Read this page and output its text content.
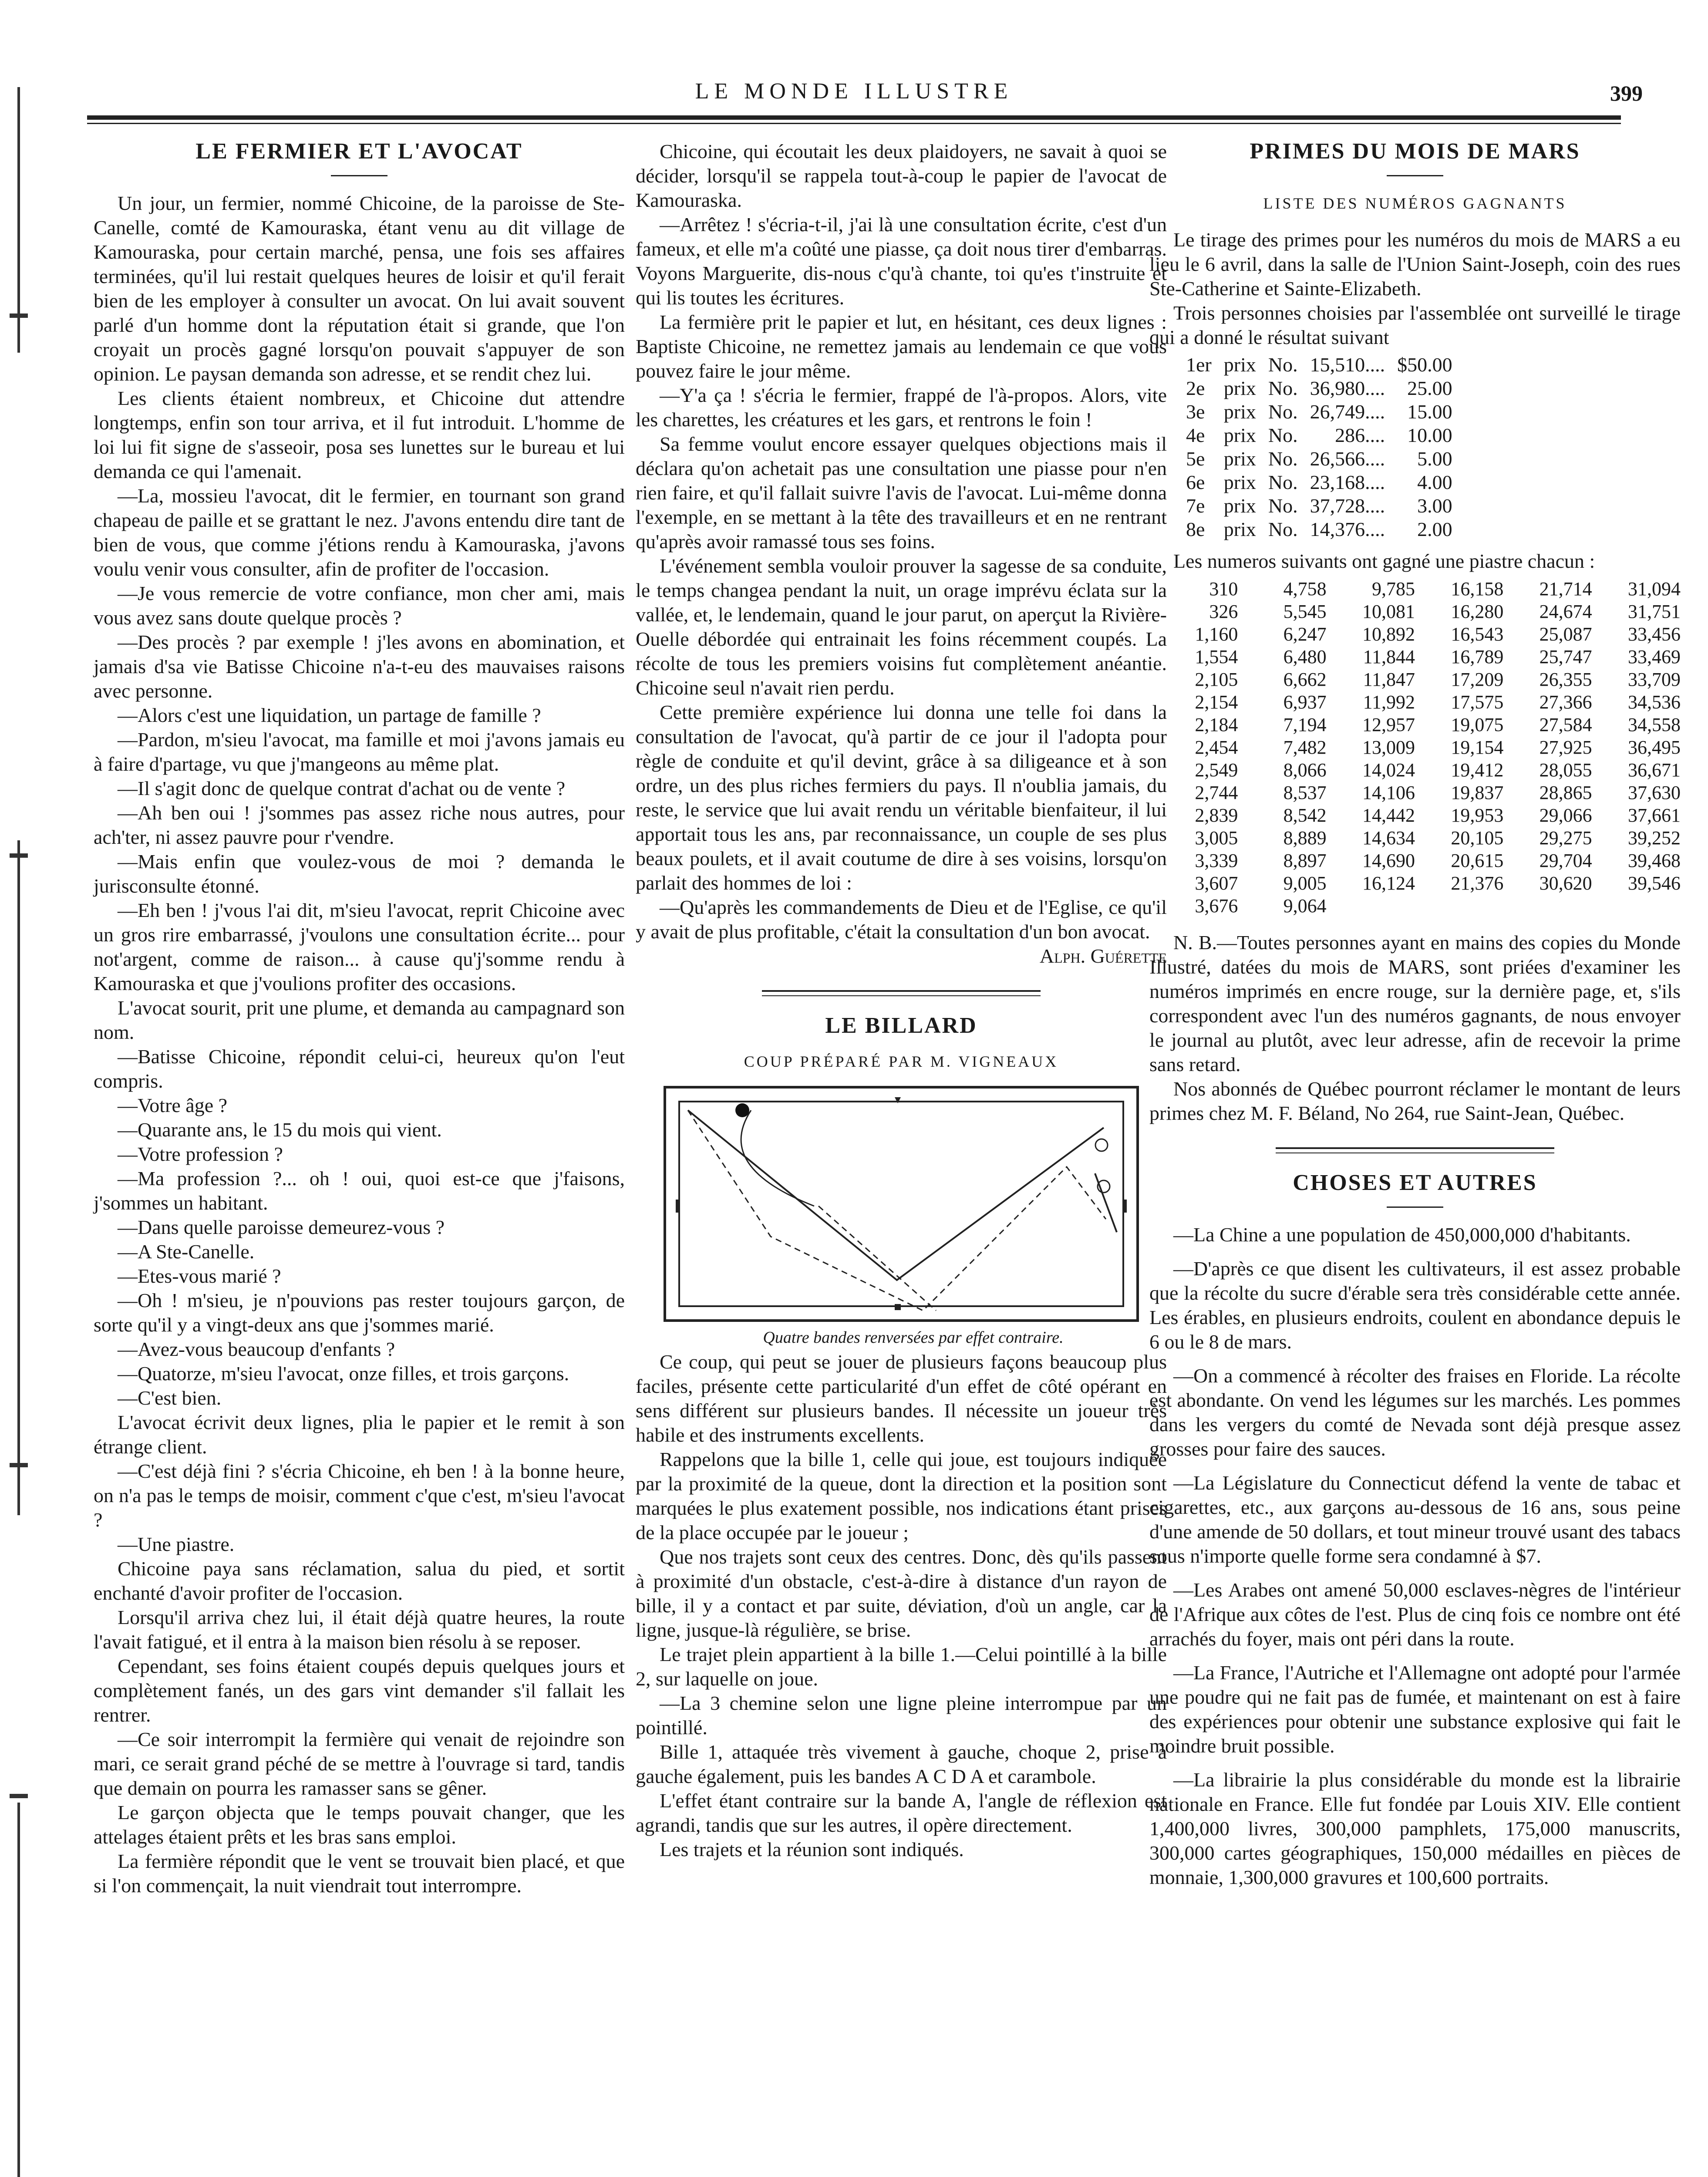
LE MONDE ILLUSTRE	399
LE FERMIER ET L'AVOCAT

Un jour, un fermier, nommé Chicoine, de la paroisse de Ste-Canelle, comté de Kamouraska, étant venu au dit village de Kamouraska, pour certain marché, pensa, une fois ses affaires terminées, qu'il lui restait quelques heures de loisir et qu'il ferait bien de les employer à consulter un avocat. On lui avait souvent parlé d'un homme dont la réputation était si grande, que l'on croyait un procès gagné lorsqu'on pouvait s'appuyer de son opinion. Le paysan demanda son adresse, et se rendit chez lui.

Les clients étaient nombreux, et Chicoine dut attendre longtemps, enfin son tour arriva, et il fut introduit. L'homme de loi lui fit signe de s'asseoir, posa ses lunettes sur le bureau et lui demanda ce qui l'amenait.

—La, mossieu l'avocat, dit le fermier, en tournant son grand chapeau de paille et se grattant le nez. J'avons entendu dire tant de bien de vous, que comme j'étions rendu à Kamouraska, j'avons voulu venir vous consulter, afin de profiter de l'occasion.

—Je vous remercie de votre confiance, mon cher ami, mais vous avez sans doute quelque procès ?

—Des procès ? par exemple ! j'les avons en abomination, et jamais d'sa vie Batisse Chicoine n'a-t-eu des mauvaises raisons avec personne.

—Alors c'est une liquidation, un partage de famille ?

—Pardon, m'sieu l'avocat, ma famille et moi j'avons jamais eu à faire d'partage, vu que j'mangeons au même plat.

—Il s'agit donc de quelque contrat d'achat ou de vente ?

—Ah ben oui ! j'sommes pas assez riche nous autres, pour ach'ter, ni assez pauvre pour r'vendre.

—Mais enfin que voulez-vous de moi ? demanda le jurisconsulte étonné.

—Eh ben ! j'vous l'ai dit, m'sieu l'avocat, reprit Chicoine avec un gros rire embarrassé, j'voulons une consultation écrite... pour not'argent, comme de raison... à cause qu'j'somme rendu à Kamouraska et que j'voulions profiter des occasions.

L'avocat sourit, prit une plume, et demanda au campagnard son nom.

—Batisse Chicoine, répondit celui-ci, heureux qu'on l'eut compris.

—Votre âge ?

—Quarante ans, le 15 du mois qui vient.

—Votre profession ?

—Ma profession ?... oh ! oui, quoi est-ce que j'faisons, j'sommes un habitant.

—Dans quelle paroisse demeurez-vous ?

—A Ste-Canelle.

—Etes-vous marié ?

—Oh ! m'sieu, je n'pouvions pas rester toujours garçon, de sorte qu'il y a vingt-deux ans que j'sommes marié.

—Avez-vous beaucoup d'enfants ?

—Quatorze, m'sieu l'avocat, onze filles, et trois garçons.

—C'est bien.

L'avocat écrivit deux lignes, plia le papier et le remit à son étrange client.

—C'est déjà fini ? s'écria Chicoine, eh ben ! à la bonne heure, on n'a pas le temps de moisir, comment c'que c'est, m'sieu l'avocat ?

—Une piastre.

Chicoine paya sans réclamation, salua du pied, et sortit enchanté d'avoir profiter de l'occasion.

Lorsqu'il arriva chez lui, il était déjà quatre heures, la route l'avait fatigué, et il entra à la maison bien résolu à se reposer.

Cependant, ses foins étaient coupés depuis quelques jours et complètement fanés, un des gars vint demander s'il fallait les rentrer.

—Ce soir interrompit la fermière qui venait de rejoindre son mari, ce serait grand péché de se mettre à l'ouvrage si tard, tandis que demain on pourra les ramasser sans se gêner.

Le garçon objecta que le temps pouvait changer, que les attelages étaient prêts et les bras sans emploi.

La fermière répondit que le vent se trouvait bien placé, et que si l'on commençait, la nuit viendrait tout interrompre.

Chicoine, qui écoutait les deux plaidoyers, ne savait à quoi se décider, lorsqu'il se rappela tout-à-coup le papier de l'avocat de Kamouraska.

—Arrêtez ! s'écria-t-il, j'ai là une consultation écrite, c'est d'un fameux, et elle m'a coûté une piasse, ça doit nous tirer d'embarras. Voyons Marguerite, dis-nous c'qu'à chante, toi qu'es t'instruite et qui lis toutes les écritures.

La fermière prit le papier et lut, en hésitant, ces deux lignes : Baptiste Chicoine, ne remettez jamais au lendemain ce que vous pouvez faire le jour même.

—Y'a ça ! s'écria le fermier, frappé de l'à-propos. Alors, vite les charettes, les créatures et les gars, et rentrons le foin !

Sa femme voulut encore essayer quelques objections mais il déclara qu'on achetait pas une consultation une piasse pour n'en rien faire, et qu'il fallait suivre l'avis de l'avocat. Lui-même donna l'exemple, en se mettant à la tête des travailleurs et en ne rentrant qu'après avoir ramassé tous ses foins.

L'événement sembla vouloir prouver la sagesse de sa conduite, le temps changea pendant la nuit, un orage imprévu éclata sur la vallée, et, le lendemain, quand le jour parut, on aperçut la Rivière-Ouelle débordée qui entrainait les foins récemment coupés. La récolte de tous les premiers voisins fut complètement anéantie. Chicoine seul n'avait rien perdu.

Cette première expérience lui donna une telle foi dans la consultation de l'avocat, qu'à partir de ce jour il l'adopta pour règle de conduite et qu'il devint, grâce à sa diligeance et à son ordre, un des plus riches fermiers du pays. Il n'oublia jamais, du reste, le service que lui avait rendu un véritable bienfaiteur, il lui apportait tous les ans, par reconnaissance, un couple de ses plus beaux poulets, et il avait coutume de dire à ses voisins, lorsqu'on parlait des hommes de loi :

—Qu'après les commandements de Dieu et de l'Eglise, ce qu'il y avait de plus profitable, c'était la consultation d'un bon avocat.

Alph. Guérette

LE BILLARD
COUP PRÉPARÉ PAR M. VIGNEAUX

Quatre bandes renversées par effet contraire.

Ce coup, qui peut se jouer de plusieurs façons beaucoup plus faciles, présente cette particularité d'un effet de côté opérant en sens différent sur plusieurs bandes. Il nécessite un joueur très habile et des instruments excellents.

Rappelons que la bille 1, celle qui joue, est toujours indiquée par la proximité de la queue, dont la direction et la position sont marquées le plus exatement possible, nos indications étant prises de la place occupée par le joueur ;

Que nos trajets sont ceux des centres. Donc, dès qu'ils passent à proximité d'un obstacle, c'est-à-dire à distance d'un rayon de bille, il y a contact et par suite, déviation, d'où un angle, car la ligne, jusque-là régulière, se brise.

Le trajet plein appartient à la bille 1.—Celui pointillé à la bille 2, sur laquelle on joue.

—La 3 chemine selon une ligne pleine interrompue par un pointillé.

Bille 1, attaquée très vivement à gauche, choque 2, prise à gauche également, puis les bandes A C D A et carambole.

L'effet étant contraire sur la bande A, l'angle de réflexion est agrandi, tandis que sur les autres, il opère directement.

Les trajets et la réunion sont indiqués.

PRIMES DU MOIS DE MARS
LISTE DES NUMÉROS GAGNANTS

Le tirage des primes pour les numéros du mois de MARS a eu lieu le 6 avril, dans la salle de l'Union Saint-Joseph, coin des rues Ste-Catherine et Sainte-Elizabeth.

Trois personnes choisies par l'assemblée ont surveillé le tirage qui a donné le résultat suivant

1er	prix	No.	15,510....	$50.00
2e	prix	No.	36,980....	25.00
3e	prix	No.	26,749....	15.00
4e	prix	No.	286....	10.00
5e	prix	No.	26,566....	5.00
6e	prix	No.	23,168....	4.00
7e	prix	No.	37,728....	3.00
8e	prix	No.	14,376....	2.00

Les numeros suivants ont gagné une piastre chacun :

310	4,758	9,785	16,158	21,714	31,094
326	5,545	10,081	16,280	24,674	31,751
1,160	6,247	10,892	16,543	25,087	33,456
1,554	6,480	11,844	16,789	25,747	33,469
2,105	6,662	11,847	17,209	26,355	33,709
2,154	6,937	11,992	17,575	27,366	34,536
2,184	7,194	12,957	19,075	27,584	34,558
2,454	7,482	13,009	19,154	27,925	36,495
2,549	8,066	14,024	19,412	28,055	36,671
2,744	8,537	14,106	19,837	28,865	37,630
2,839	8,542	14,442	19,953	29,066	37,661
3,005	8,889	14,634	20,105	29,275	39,252
3,339	8,897	14,690	20,615	29,704	39,468
3,607	9,005	16,124	21,376	30,620	39,546
3,676	9,064				

N. B.—Toutes personnes ayant en mains des copies du Monde Illustré, datées du mois de MARS, sont priées d'examiner les numéros imprimés en encre rouge, sur la dernière page, et, s'ils correspondent avec l'un des numéros gagnants, de nous envoyer le journal au plutôt, avec leur adresse, afin de recevoir la prime sans retard.

Nos abonnés de Québec pourront réclamer le montant de leurs primes chez M. F. Béland, No 264, rue Saint-Jean, Québec.

CHOSES ET AUTRES

—La Chine a une population de 450,000,000 d'habitants.

—D'après ce que disent les cultivateurs, il est assez probable que la récolte du sucre d'érable sera très considérable cette année. Les érables, en plusieurs endroits, coulent en abondance depuis le 6 ou le 8 de mars.

—On a commencé à récolter des fraises en Floride. La récolte est abondante. On vend les légumes sur les marchés. Les pommes dans les vergers du comté de Nevada sont déjà presque assez grosses pour faire des sauces.

—La Législature du Connecticut défend la vente de tabac et cigarettes, etc., aux garçons au-dessous de 16 ans, sous peine d'une amende de 50 dollars, et tout mineur trouvé usant des tabacs sous n'importe quelle forme sera condamné à $7.

—Les Arabes ont amené 50,000 esclaves-nègres de l'intérieur de l'Afrique aux côtes de l'est. Plus de cinq fois ce nombre ont été arrachés du foyer, mais ont péri dans la route.

—La France, l'Autriche et l'Allemagne ont adopté pour l'armée une poudre qui ne fait pas de fumée, et maintenant on est à faire des expériences pour obtenir une substance explosive qui fait le moindre bruit possible.

—La librairie la plus considérable du monde est la librairie nationale en France. Elle fut fondée par Louis XIV. Elle contient 1,400,000 livres, 300,000 pamphlets, 175,000 manuscrits, 300,000 cartes géographiques, 150,000 médailles en pièces de monnaie, 1,300,000 gravures et 100,600 portraits.
